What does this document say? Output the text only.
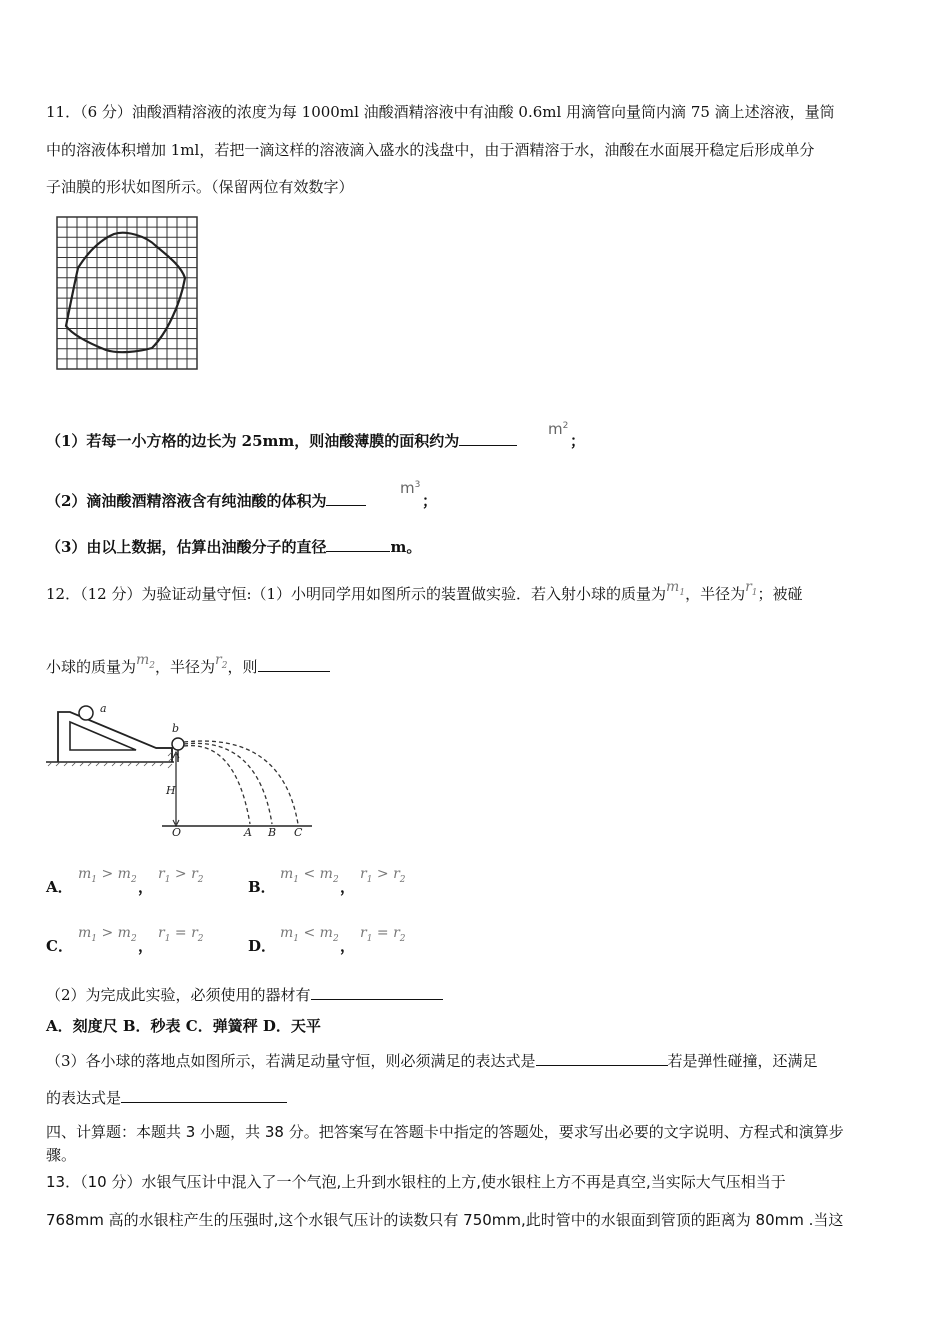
11．（6 分）油酸酒精溶液的浓度为每 1000ml 油酸酒精溶液中有油酸 0.6ml 用滴管向量筒内滴 75 滴上述溶液，量筒
中的溶液体积增加 1ml，若把一滴这样的溶液滴入盛水的浅盘中，由于酒精溶于水，油酸在水面展开稳定后形成单分
子油膜的形状如图所示。（保留两位有效数字）
（1）若每一小方格的边长为 25mm，则油酸薄膜的面积约为
$m^2$
；
（2）滴油酸酒精溶液含有纯油酸的体积为
$m^3$
；
（3）由以上数据，估算出油酸分子的直径	m。
12．（12 分）为验证动量守恒:（1）小明同学用如图所示的装置做实验．若入射小球的质量为$m_1$，半径为$r_1$；被碰
小球的质量为$m_2$，半径为$r_2$，则
a
b
H
O	A B C
A．
$m_1 > m_2$ ，
$r_1 > r_2$	B．
$m_1 < m_2$ ，
$r_1 > r_2$
C．
$m_1 > m_2$ ，
$r_1 = r_2$	D．
$m_1 < m_2$ ，
$r_1 = r_2$
（2）为完成此实验，必须使用的器材有
A．刻度尺 B．秒表 C．弹簧秤 D．天平
（3）各小球的落地点如图所示，若满足动量守恒，则必须满足的表达式是	若是弹性碰撞，还满足
的表达式是
四、计算题：本题共 3 小题，共 38 分。把答案写在答题卡中指定的答题处，要求写出必要的文字说明、方程式和演算步
骤。
13．（10 分）水银气压计中混入了一个气泡,上升到水银柱的上方,使水银柱上方不再是真空,当实际大气压相当于
768mm 高的水银柱产生的压强时,这个水银气压计的读数只有 750mm,此时管中的水银面到管顶的距离为 80mm .当这
